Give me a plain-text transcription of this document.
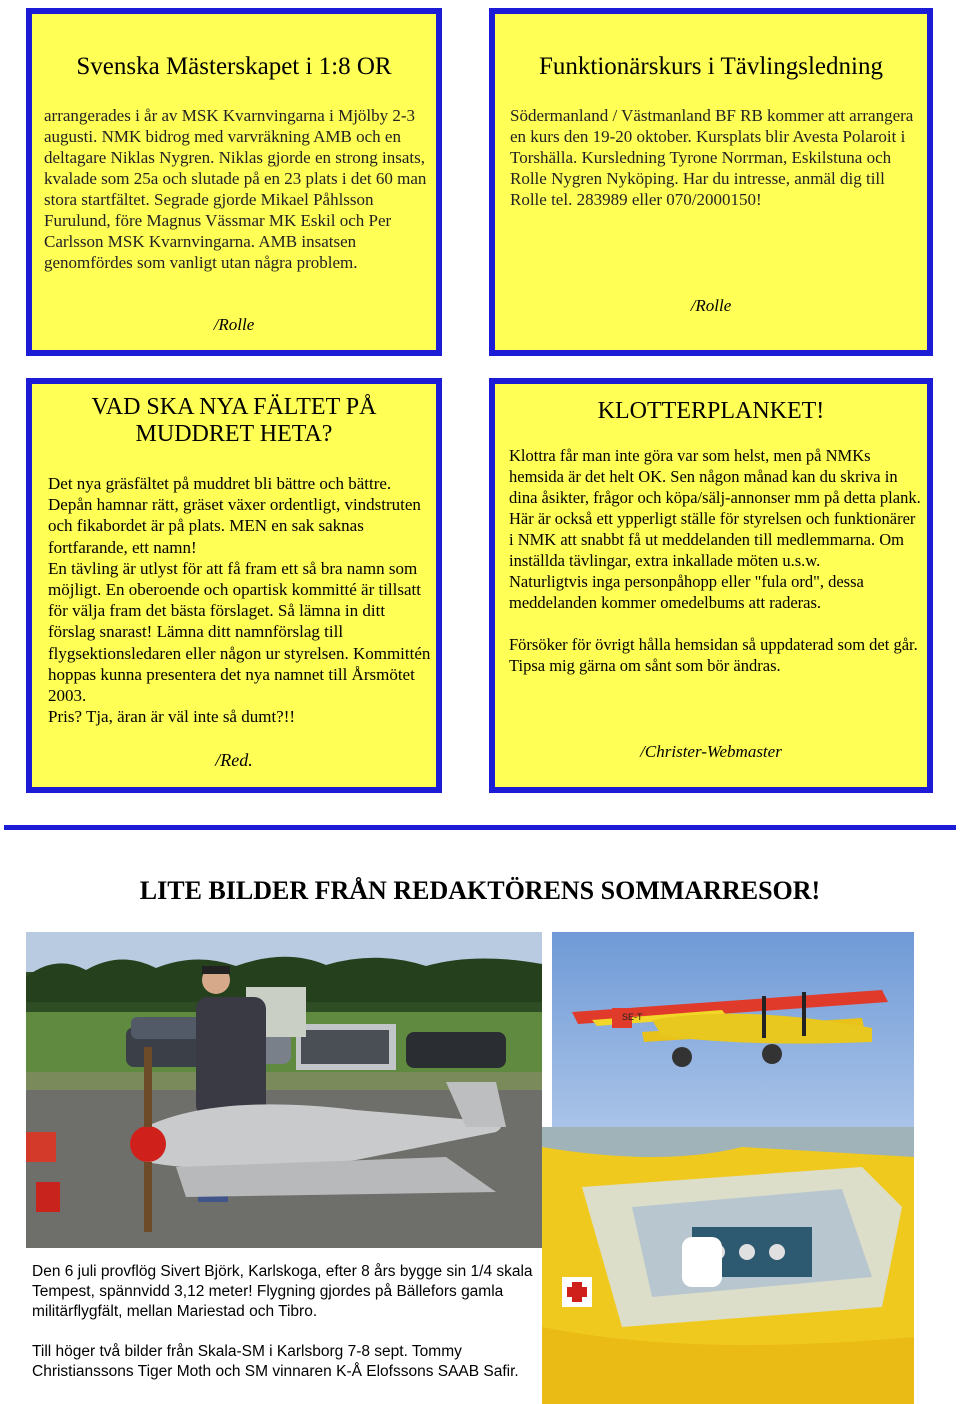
Svenska Mästerskapet i 1:8 OR
arrangerades i år av MSK Kvarnvingarna i Mjölby 2-3 augusti. NMK bidrog med varvräkning AMB och en deltagare Niklas Nygren. Niklas gjorde en strong insats, kvalade som 25a och slutade på en 23 plats i det 60 man stora startfältet. Segrade gjorde Mikael Påhlsson Furulund, före Magnus Vässmar MK Eskil och Per Carlsson MSK Kvarnvingarna. AMB insatsen genomfördes som vanligt utan några problem.
/Rolle
Funktionärskurs i Tävlingsledning
Södermanland / Västmanland BF RB kommer att arrangera en kurs den 19-20 oktober. Kursplats blir Avesta Polaroit i Torshälla. Kursledning Tyrone Norrman, Eskilstuna och Rolle Nygren Nyköping. Har du intresse, anmäl dig till Rolle tel. 283989 eller 070/2000150!
/Rolle
VAD SKA NYA FÄLTET PÅ MUDDRET HETA?

Det nya gräsfältet på muddret bli bättre och bättre.

Depån hamnar rätt, gräset växer ordentligt, vindstruten och fikabordet är på plats. MEN en sak saknas fortfarande, ett namn!

En tävling är utlyst för att få fram ett så bra namn som möjligt. En oberoende och opartisk kommitté är tillsatt för välja fram det bästa förslaget. Så lämna in ditt förslag snarast! Lämna ditt namnförslag till flygsektionsledaren eller någon ur styrelsen. Kommittén hoppas kunna presentera det nya namnet till Årsmötet 2003.

Pris? Tja, äran är väl inte så dumt?!!

/Red.
KLOTTERPLANKET!

Klottra får man inte göra var som helst, men på NMKs hemsida är det helt OK. Sen någon månad kan du skriva in dina åsikter, frågor och köpa/sälj-annonser mm på detta plank.

Här är också ett ypperligt ställe för styrelsen och funktionärer i NMK att snabbt få ut meddelanden till medlemmarna. Om inställda tävlingar, extra inkallade möten u.s.w.

Naturligtvis inga personpåhopp eller "fula ord", dessa meddelanden kommer omedelbums att raderas.

Försöker för övrigt hålla hemsidan så uppdaterad som det går. Tipsa mig gärna om sånt som bör ändras.

/Christer-Webmaster
LITE BILDER FRÅN REDAKTÖRENS SOMMARRESOR!
SE-T

Den 6 juli provflög Sivert Björk, Karlskoga, efter 8 års bygge sin 1/4 skala Tempest, spännvidd 3,12 meter! Flygning gjordes på Bällefors gamla militärflygfält, mellan Mariestad och Tibro.

Till höger två bilder från Skala-SM i Karlsborg 7-8 sept. Tommy Christianssons Tiger Moth och SM vinnaren K-Å Elofssons SAAB Safir.
